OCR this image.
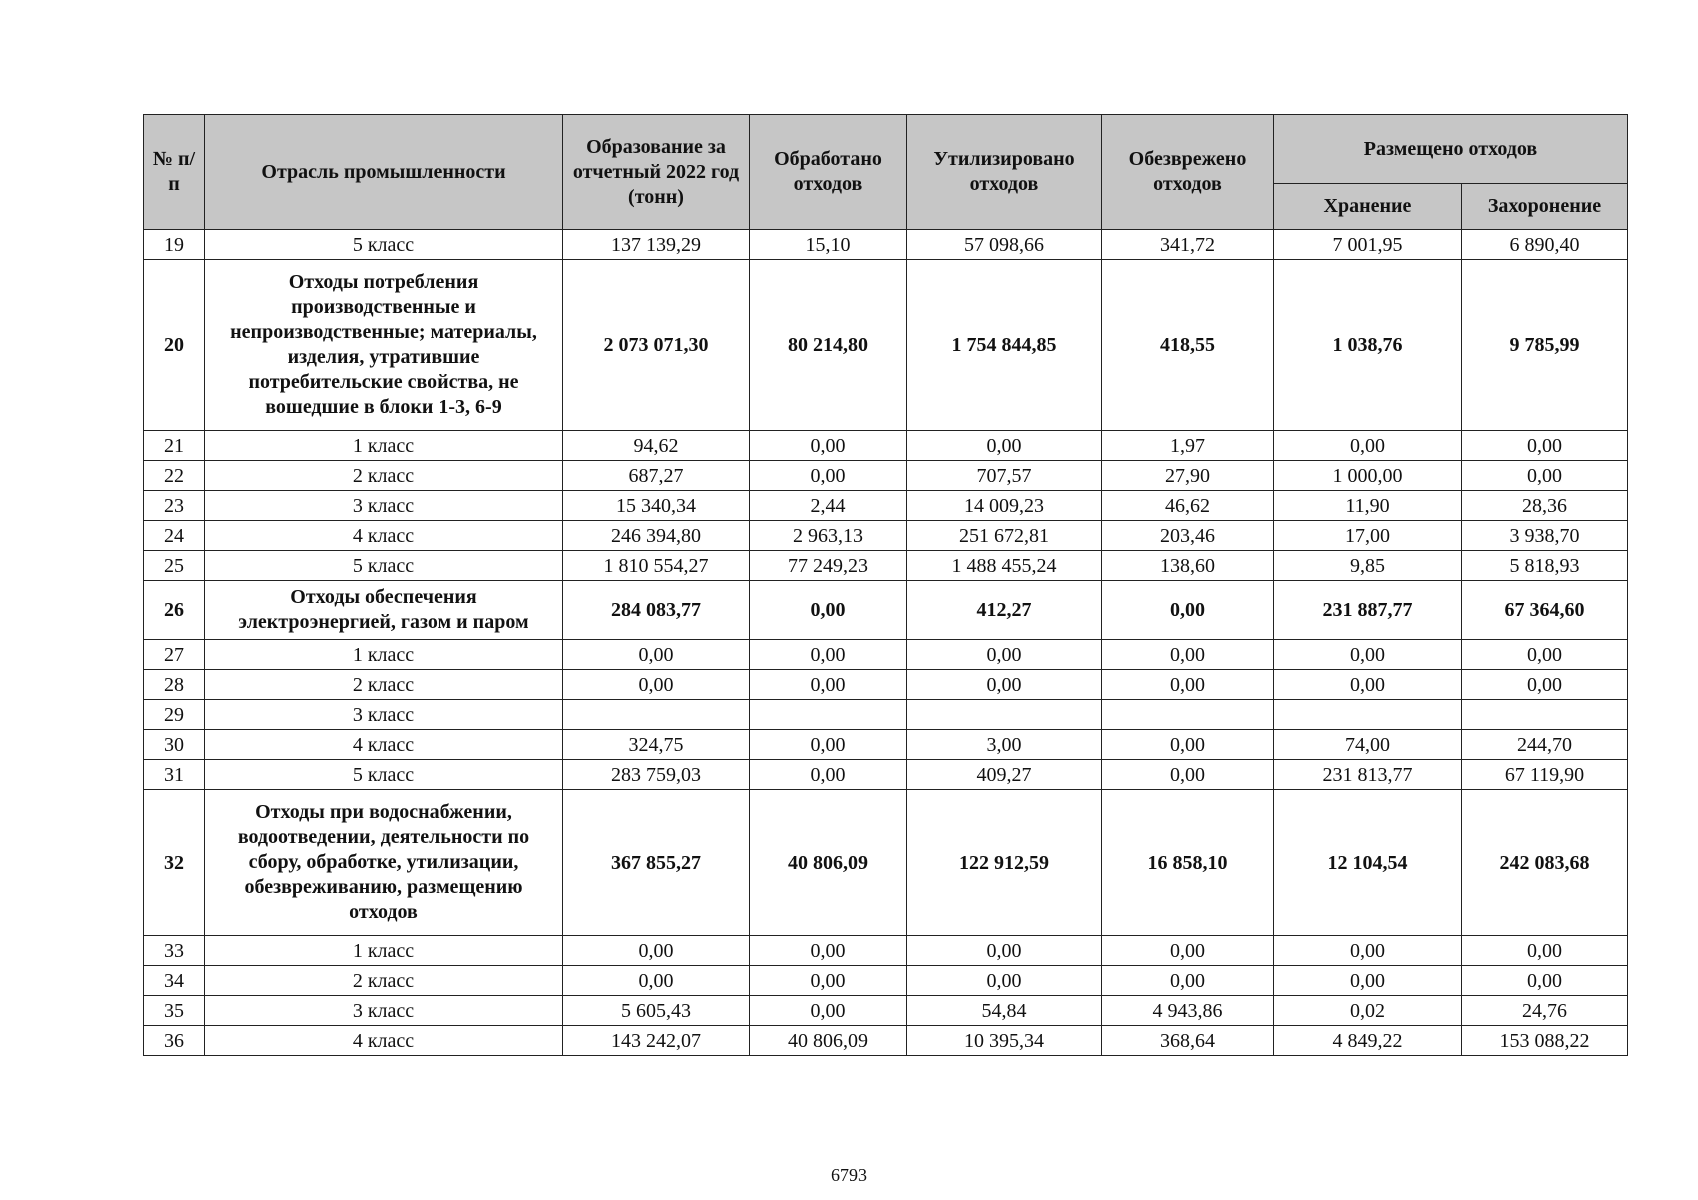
№ п/п	Отрасль промышленности	Образование за отчетный 2022 год (тонн)	Обработано отходов	Утилизировано отходов	Обезврежено отходов	Размещено отходов	
						Хранение	Захоронение
19	5 класс	137 139,29	15,10	57 098,66	341,72	7 001,95	6 890,40
20	Отходы потребления производственные и непроизводственные; материалы, изделия, утратившие потребительские свойства, не вошедшие в блоки 1-3, 6-9	2 073 071,30	80 214,80	1 754 844,85	418,55	1 038,76	9 785,99
21	1 класс	94,62	0,00	0,00	1,97	0,00	0,00
22	2 класс	687,27	0,00	707,57	27,90	1 000,00	0,00
23	3 класс	15 340,34	2,44	14 009,23	46,62	11,90	28,36
24	4 класс	246 394,80	2 963,13	251 672,81	203,46	17,00	3 938,70
25	5 класс	1 810 554,27	77 249,23	1 488 455,24	138,60	9,85	5 818,93
26	Отходы обеспечения электроэнергией, газом и паром	284 083,77	0,00	412,27	0,00	231 887,77	67 364,60
27	1 класс	0,00	0,00	0,00	0,00	0,00	0,00
28	2 класс	0,00	0,00	0,00	0,00	0,00	0,00
29	3 класс						
30	4 класс	324,75	0,00	3,00	0,00	74,00	244,70
31	5 класс	283 759,03	0,00	409,27	0,00	231 813,77	67 119,90
32	Отходы при водоснабжении, водоотведении, деятельности по сбору, обработке, утилизации, обезвреживанию, размещению отходов	367 855,27	40 806,09	122 912,59	16 858,10	12 104,54	242 083,68
33	1 класс	0,00	0,00	0,00	0,00	0,00	0,00
34	2 класс	0,00	0,00	0,00	0,00	0,00	0,00
35	3 класс	5 605,43	0,00	54,84	4 943,86	0,02	24,76
36	4 класс	143 242,07	40 806,09	10 395,34	368,64	4 849,22	153 088,22
6793
